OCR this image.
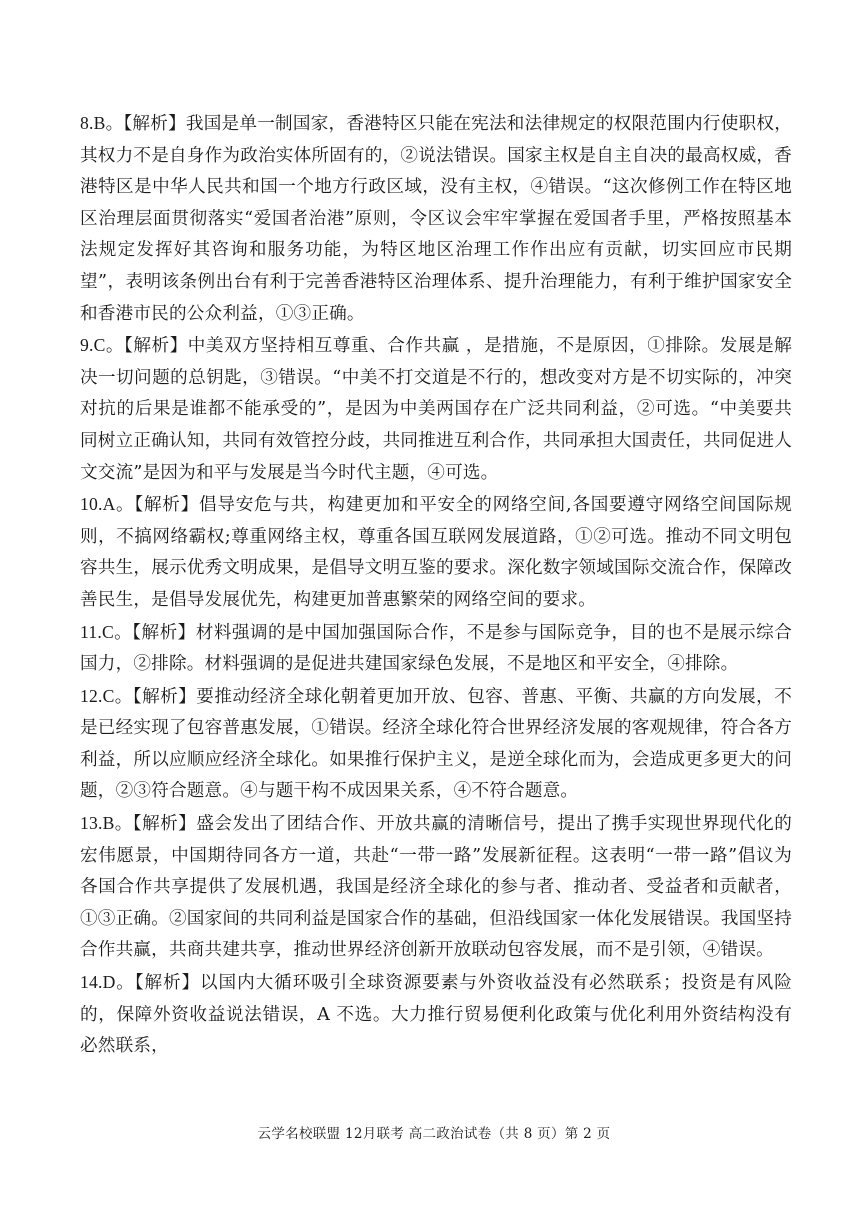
8.B。【解析】我国是单一制国家，香港特区只能在宪法和法律规定的权限范围内行使职权，其权力不是自身作为政治实体所固有的，②说法错误。国家主权是自主自决的最高权威，香港特区是中华人民共和国一个地方行政区域，没有主权，④错误。“这次修例工作在特区地区治理层面贯彻落实“爱国者治港”原则，令区议会牢牢掌握在爱国者手里，严格按照基本法规定发挥好其咨询和服务功能，为特区地区治理工作作出应有贡献，切实回应市民期望”，表明该条例出台有利于完善香港特区治理体系、提升治理能力，有利于维护国家安全和香港市民的公众利益，①③正确。

9.C。【解析】中美双方坚持相互尊重、合作共赢 ，是措施，不是原因，①排除。发展是解决一切问题的总钥匙，③错误。“中美不打交道是不行的，想改变对方是不切实际的，冲突对抗的后果是谁都不能承受的”，是因为中美两国存在广泛共同利益，②可选。“中美要共同树立正确认知，共同有效管控分歧，共同推进互利合作，共同承担大国责任，共同促进人文交流”是因为和平与发展是当今时代主题，④可选。

10.A。【解析】倡导安危与共，构建更加和平安全的网络空间,各国要遵守网络空间国际规则，不搞网络霸权;尊重网络主权，尊重各国互联网发展道路，①②可选。推动不同文明包容共生，展示优秀文明成果，是倡导文明互鉴的要求。深化数字领域国际交流合作，保障改善民生，是倡导发展优先，构建更加普惠繁荣的网络空间的要求。

11.C。【解析】材料强调的是中国加强国际合作，不是参与国际竞争，目的也不是展示综合国力，②排除。材料强调的是促进共建国家绿色发展，不是地区和平安全，④排除。

12.C。【解析】要推动经济全球化朝着更加开放、包容、普惠、平衡、共赢的方向发展，不是已经实现了包容普惠发展，①错误。经济全球化符合世界经济发展的客观规律，符合各方利益，所以应顺应经济全球化。如果推行保护主义，是逆全球化而为，会造成更多更大的问题，②③符合题意。④与题干构不成因果关系，④不符合题意。

13.B。【解析】盛会发出了团结合作、开放共赢的清晰信号，提出了携手实现世界现代化的宏伟愿景，中国期待同各方一道，共赴“一带一路”发展新征程。这表明“一带一路”倡议为各国合作共享提供了发展机遇，我国是经济全球化的参与者、推动者、受益者和贡献者，①③正确。②国家间的共同利益是国家合作的基础，但沿线国家一体化发展错误。我国坚持合作共赢，共商共建共享，推动世界经济创新开放联动包容发展，而不是引领，④错误。

14.D。【解析】以国内大循环吸引全球资源要素与外资收益没有必然联系；投资是有风险的，保障外资收益说法错误，A 不选。大力推行贸易便利化政策与优化利用外资结构没有必然联系，

云学名校联盟 12月联考 高二政治试卷（共 8 页）第 2 页
